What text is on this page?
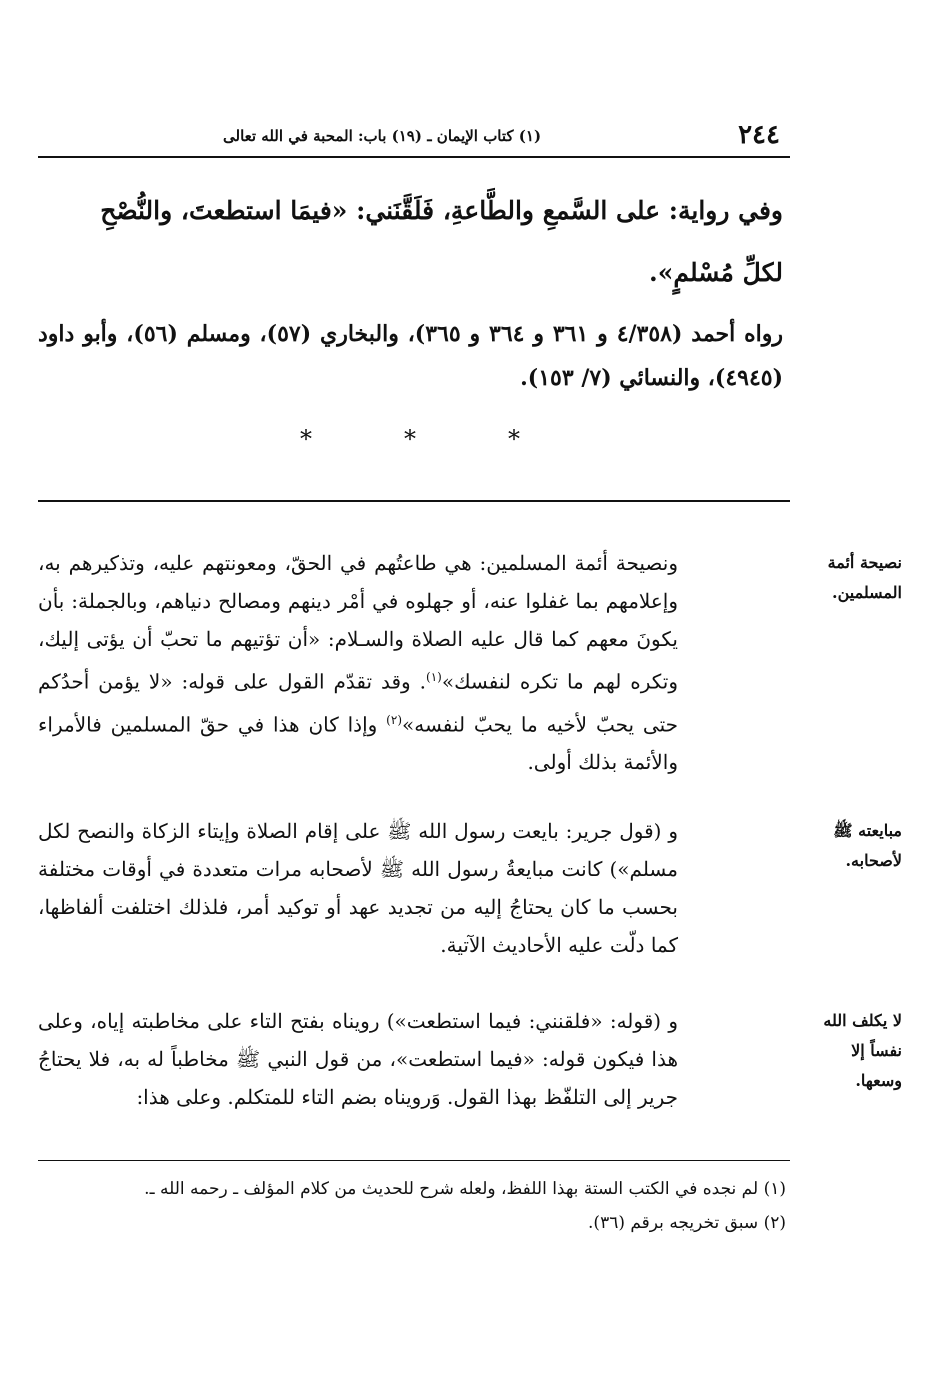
٢٤٤
(١) كتاب الإيمان ـ (١٩) باب: المحبة في الله تعالى

وفي رواية: على السَّمعِ والطَّاعةِ، فَلَقَّنَني: «فيمَا استطعتَ، والنُّصْحِ

لكلِّ مُسْلمٍ».

رواه أحمد (٤/٣٥٨ و ٣٦١ و ٣٦٤ و ٣٦٥)، والبخاري (٥٧)، ومسلم (٥٦)، وأبو داود (٤٩٤٥)، والنسائي (٧/ ١٥٣).
*	*	*
نصيحة أئمة المسلمين.

ونصيحة أئمة المسلمين: هي طاعتُهم في الحقّ، ومعونتهم عليه، وتذكيرهم به، وإعلامهم بما غفلوا عنه، أو جهلوه في أمْر دينهم ومصالح دنياهم، وبالجملة: بأن يكونَ معهم كما قال عليه الصلاة والسـلام: «أن تؤتيهم ما تحبّ أن يؤتى إليك، وتكره لهم ما تكره لنفسك»$^{(١)}$. وقد تقدّم القول على قوله: «لا يؤمن أحدُكم حتى يحبّ لأخيه ما يحبّ لنفسه»$^{(٢)}$ وإذا كان هذا في حقّ المسلمين فالأمراء والأئمة بذلك أولى.

مبايعته ﷺ لأصحابه.

و (قول جرير: بايعت رسول الله ﷺ على إقام الصلاة وإيتاء الزكاة والنصح لكل مسلم») كانت مبايعةُ رسول الله ﷺ لأصحابه مرات متعددة في أوقات مختلفة بحسب ما كان يحتاجُ إليه من تجديد عهد أو توكيد أمر، فلذلك اختلفت ألفاظها، كما دلّت عليه الأحاديث الآتية.

لا يكلف الله نفساً إلا وسعها.

و (قوله: «فلقنني: فيما استطعت») رويناه بفتح التاء على مخاطبته إياه، وعلى هذا فيكون قوله: «فيما استطعت»، من قول النبي ﷺ مخاطباً له به، فلا يحتاجُ جرير إلى التلفّظ بهذا القول. وَرويناه بضم التاء للمتكلم. وعلى هذا:

(١) لم نجده في الكتب الستة بهذا اللفظ، ولعله شرح للحديث من كلام المؤلف ـ رحمه الله ـ.

(٢) سبق تخريجه برقم (٣٦).
